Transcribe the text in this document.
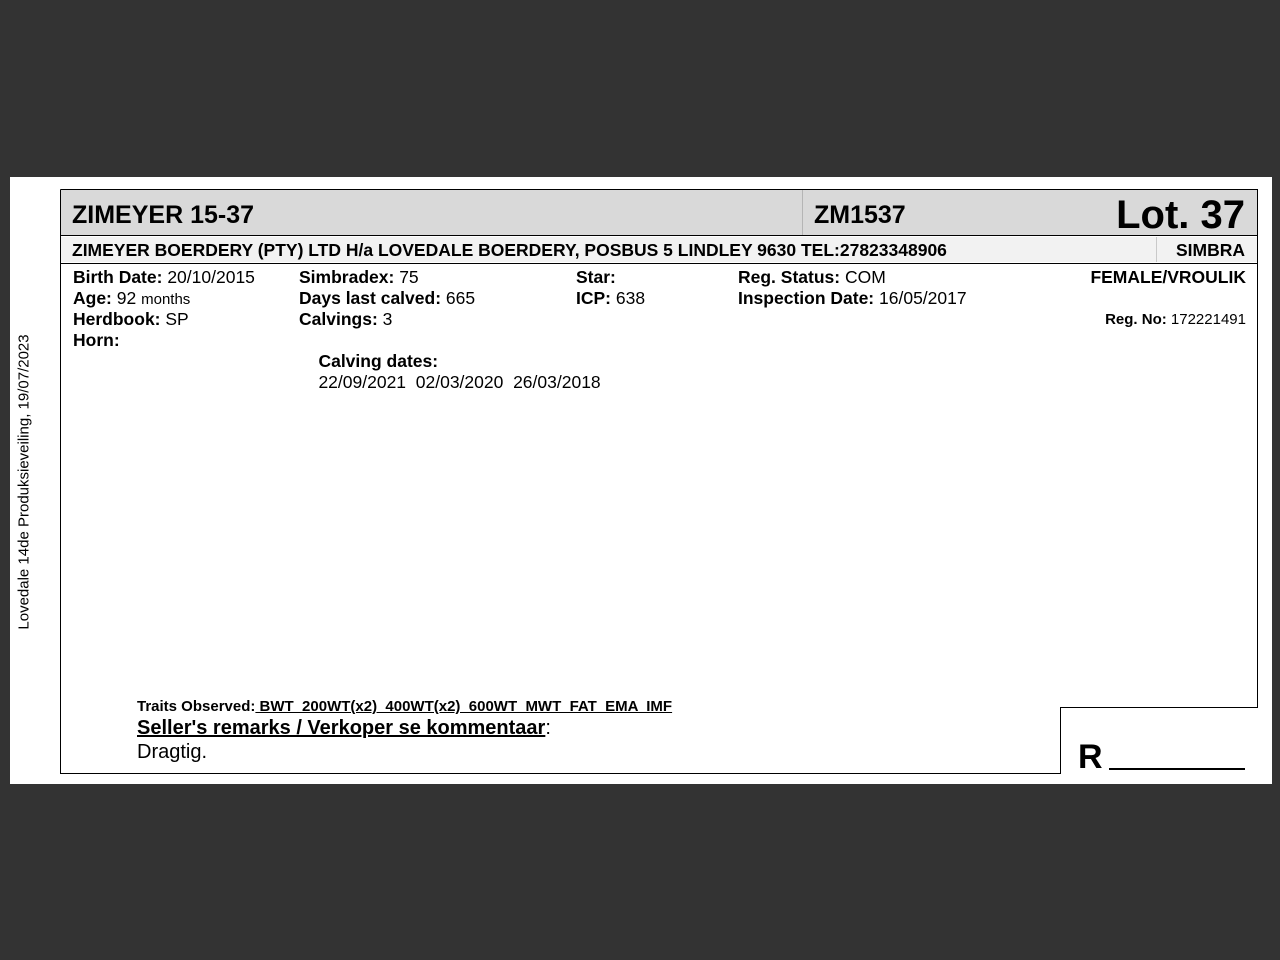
Lovedale 14de Produksieveiling, 19/07/2023
ZIMEYER 15-37	ZM1537	Lot. 37
ZIMEYER BOERDERY (PTY) LTD H/a LOVEDALE BOERDERY, POSBUS 5 LINDLEY 9630 TEL:27823348906	SIMBRA
Birth Date: 20/10/2015
Age: 92 months
Herdbook: SP
Horn:
Simbradex: 75
Days last calved: 665
Calvings: 3

Calving dates:
22/09/2021  02/03/2020  26/03/2018

Star:
ICP: 638
Reg. Status: COM
Inspection Date: 16/05/2017
FEMALE/VROULIK
Reg. No: 172221491
Traits Observed: BWT  200WT(x2)  400WT(x2)  600WT  MWT  FAT  EMA  IMF
Seller's remarks / Verkoper se kommentaar:
Dragtig.	R
